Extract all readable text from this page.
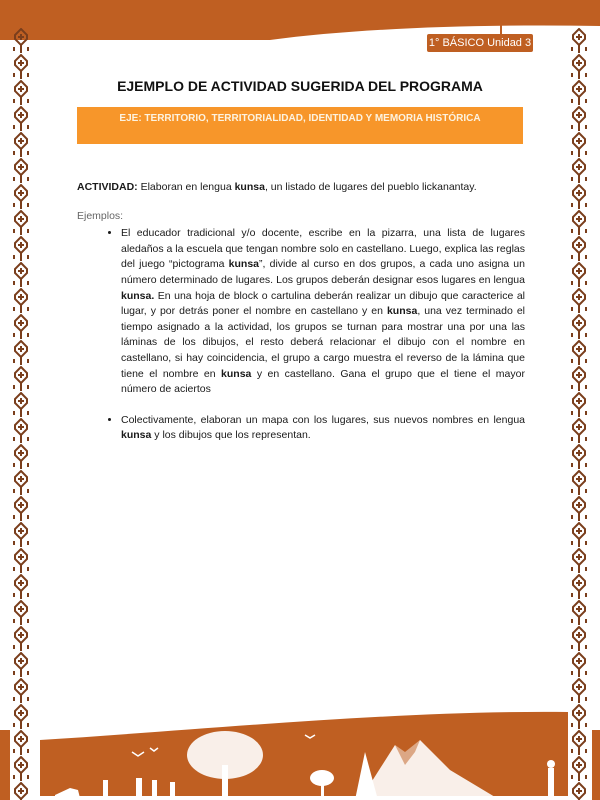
1° BÁSICO Unidad 3
EJEMPLO DE ACTIVIDAD SUGERIDA DEL PROGRAMA
EJE: TERRITORIO, TERRITORIALIDAD, IDENTIDAD Y MEMORIA HISTÓRICA

ACTIVIDAD: Elaboran en lengua kunsa, un listado de lugares del pueblo lickanantay.

Ejemplos:
• El educador tradicional y/o docente, escribe en la pizarra, una lista de lugares aledaños a la escuela que tengan nombre solo en castellano. Luego, explica las reglas del juego “pictograma kunsa”, divide al curso en dos grupos, a cada uno asigna un número determinado de lugares. Los grupos deberán designar esos lugares en lengua kunsa. En una hoja de block o cartulina deberán realizar un dibujo que caracterice al lugar, y por detrás poner el nombre en castellano y en kunsa, una vez terminado el tiempo asignado a la actividad, los grupos se turnan para mostrar una por una las láminas de los dibujos, el resto deberá relacionar el dibujo con el nombre en castellano, si hay coincidencia, el grupo a cargo muestra el reverso de la lámina que tiene el nombre en kunsa y en castellano. Gana el grupo que el tiene el mayor número de aciertos
• Colectivamente, elaboran un mapa con los lugares, sus nuevos nombres en lengua kunsa y los dibujos que los representan.
